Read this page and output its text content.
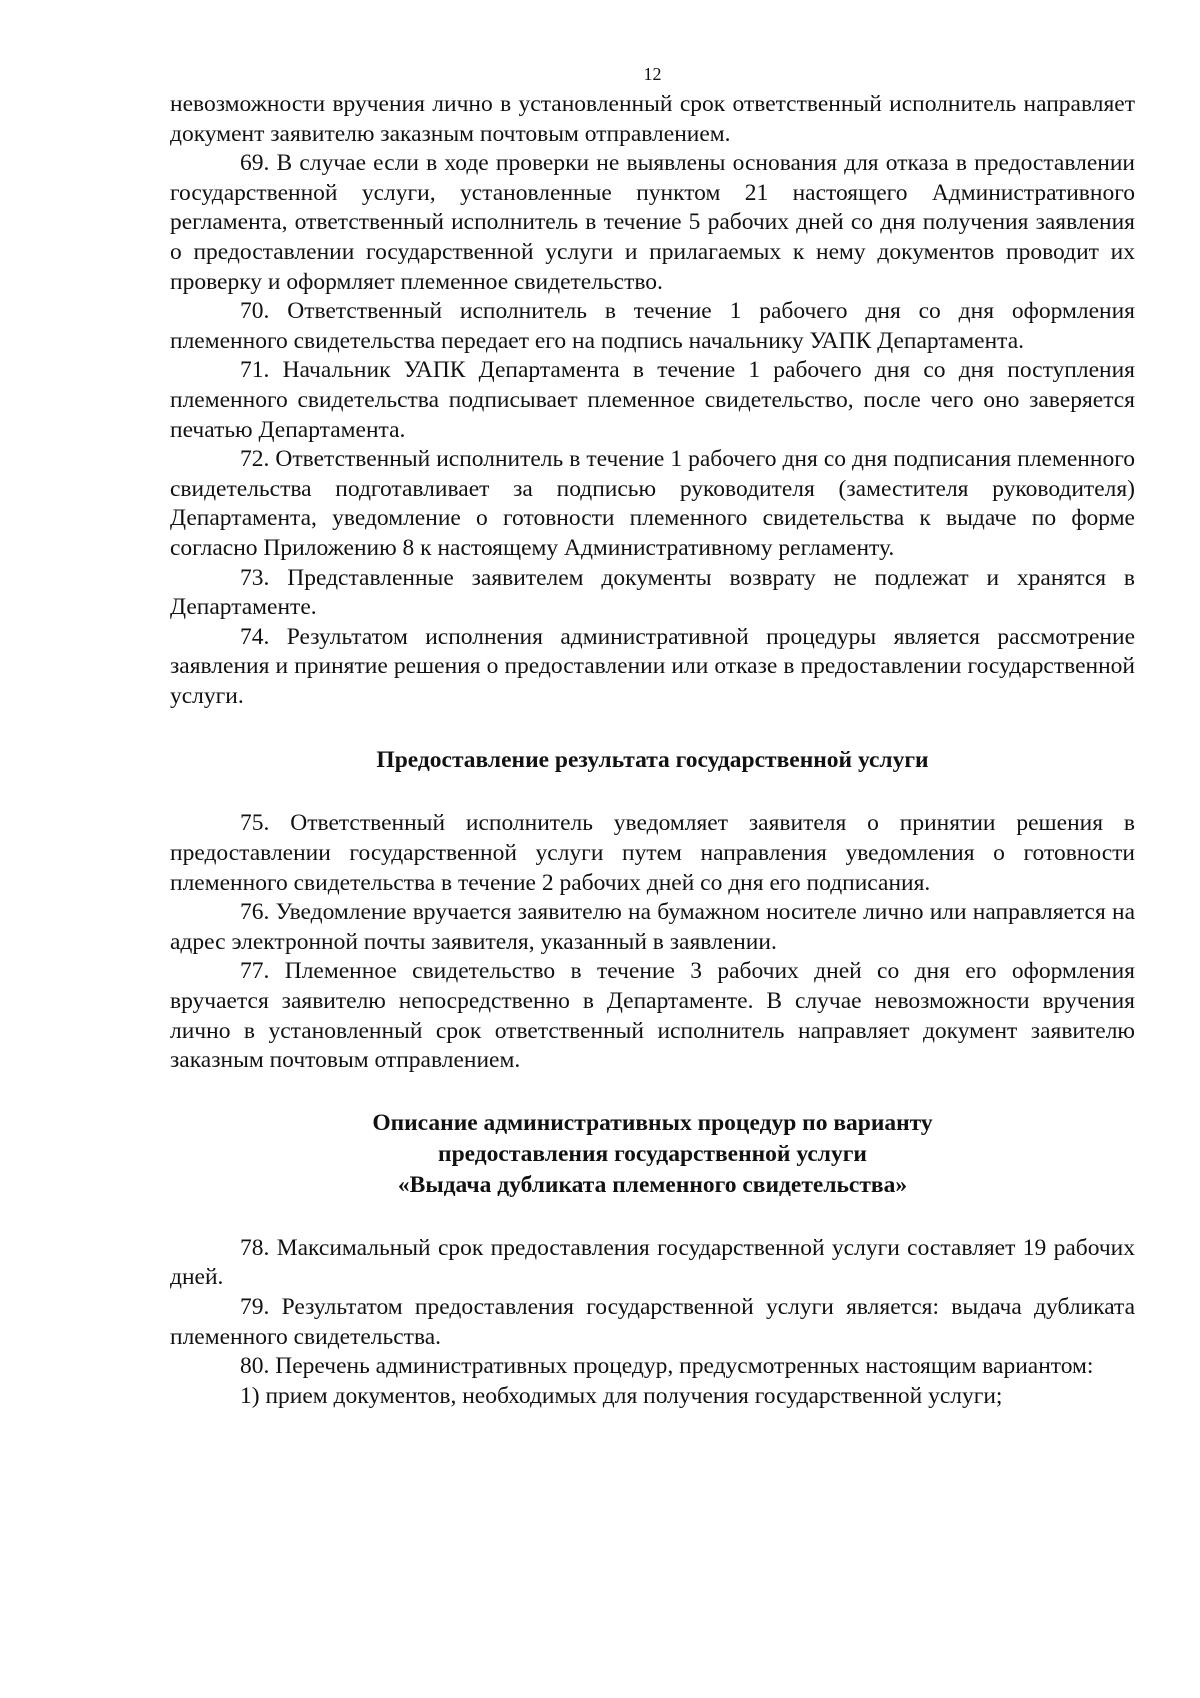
12

невозможности вручения лично в установленный срок ответственный исполнитель направляет документ заявителю заказным почтовым отправлением.

69. В случае если в ходе проверки не выявлены основания для отказа в предоставлении государственной услуги, установленные пунктом 21 настоящего Административного регламента, ответственный исполнитель в течение 5 рабочих дней со дня получения заявления о предоставлении государственной услуги и прилагаемых к нему документов проводит их проверку и оформляет племенное свидетельство.

70. Ответственный исполнитель в течение 1 рабочего дня со дня оформления племенного свидетельства передает его на подпись начальнику УАПК Департамента.

71. Начальник УАПК Департамента в течение 1 рабочего дня со дня поступления племенного свидетельства подписывает племенное свидетельство, после чего оно заверяется печатью Департамента.

72. Ответственный исполнитель в течение 1 рабочего дня со дня подписания племенного свидетельства подготавливает за подписью руководителя (заместителя руководителя) Департамента, уведомление о готовности племенного свидетельства к выдаче по форме согласно Приложению 8 к настоящему Административному регламенту.

73. Представленные заявителем документы возврату не подлежат и хранятся в Департаменте.

74. Результатом исполнения административной процедуры является рассмотрение заявления и принятие решения о предоставлении или отказе в предоставлении государственной услуги.

Предоставление результата государственной услуги

75. Ответственный исполнитель уведомляет заявителя о принятии решения в предоставлении государственной услуги путем направления уведомления о готовности племенного свидетельства в течение 2 рабочих дней со дня его подписания.

76. Уведомление вручается заявителю на бумажном носителе лично или направляется на адрес электронной почты заявителя, указанный в заявлении.

77. Племенное свидетельство в течение 3 рабочих дней со дня его оформления вручается заявителю непосредственно в Департаменте. В случае невозможности вручения лично в установленный срок ответственный исполнитель направляет документ заявителю заказным почтовым отправлением.

Описание административных процедур по варианту
предоставления государственной услуги
«Выдача дубликата племенного свидетельства»

78. Максимальный срок предоставления государственной услуги составляет 19 рабочих дней.

79. Результатом предоставления государственной услуги является: выдача дубликата племенного свидетельства.

80. Перечень административных процедур, предусмотренных настоящим вариантом:

1) прием документов, необходимых для получения государственной услуги;
